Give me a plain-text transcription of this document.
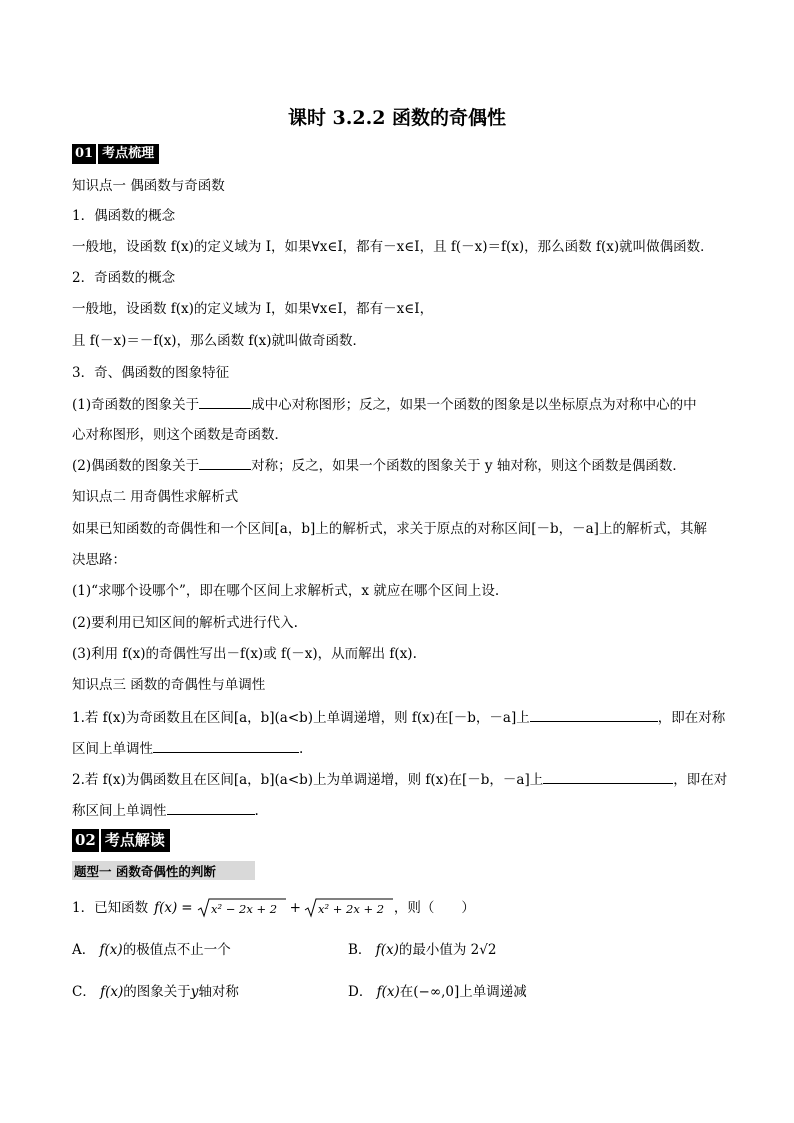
课时 3.2.2 函数的奇偶性
01 考点梳理
知识点一 偶函数与奇函数
1．偶函数的概念
一般地，设函数 f(x)的定义域为 I，如果∀x∈I，都有－x∈I，且 f(－x)＝f(x)，那么函数 f(x)就叫做偶函数．
2．奇函数的概念
一般地，设函数 f(x)的定义域为 I，如果∀x∈I，都有－x∈I，
且 f(－x)＝－f(x)，那么函数 f(x)就叫做奇函数．
3．奇、偶函数的图象特征
(1)奇函数的图象关于	成中心对称图形；反之，如果一个函数的图象是以坐标原点为对称中心的中
心对称图形，则这个函数是奇函数．
(2)偶函数的图象关于	对称；反之，如果一个函数的图象关于 y 轴对称，则这个函数是偶函数．
知识点二 用奇偶性求解析式
如果已知函数的奇偶性和一个区间[a，b]上的解析式，求关于原点的对称区间[－b，－a]上的解析式，其解
决思路：
(1)“求哪个设哪个”，即在哪个区间上求解析式，x 就应在哪个区间上设.
(2)要利用已知区间的解析式进行代入.
(3)利用 f(x)的奇偶性写出－f(x)或 f(－x)，从而解出 f(x).
知识点三 函数的奇偶性与单调性
1.若 f(x)为奇函数且在区间[a，b](a<b)上单调递增，则 f(x)在[－b，－a]上	，即在对称
区间上单调性	.
2.若 f(x)为偶函数且在区间[a，b](a<b)上为单调递增，则 f(x)在[－b，－a]上	，即在对
称区间上单调性	.
02 考点解读
题型一 函数奇偶性的判断
1．已知函数 f(x) = x² − 2x + 2 + x² + 2x + 2 ，则（　　）
A． f(x)的极值点不止一个	B． f(x)的最小值为 2√2
C． f(x)的图象关于y轴对称	D． f(x)在(−∞,0]上单调递减
